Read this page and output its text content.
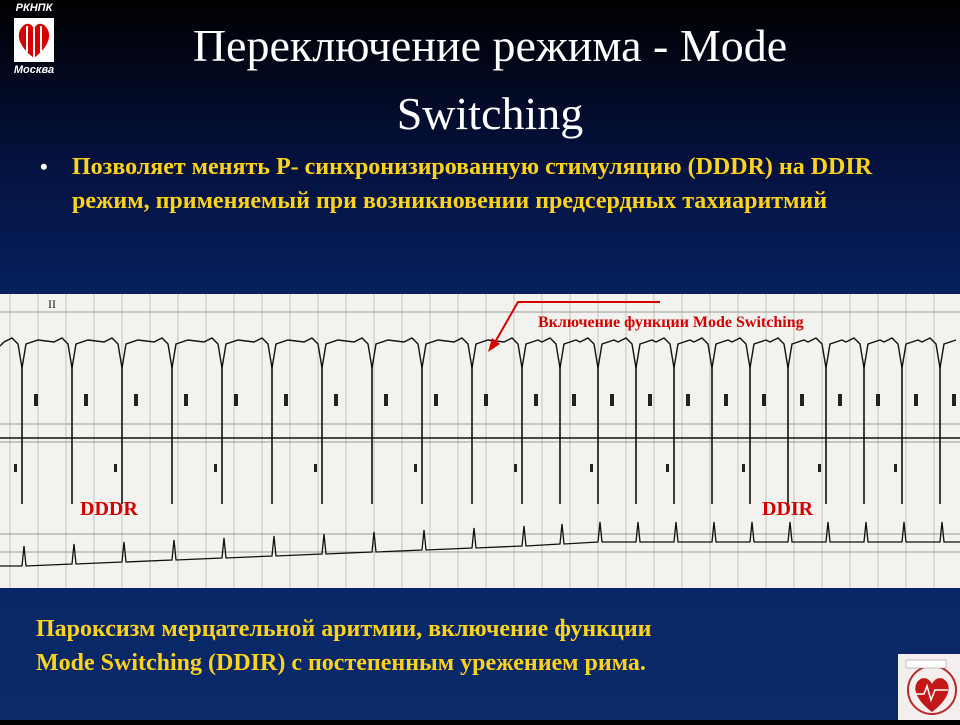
РКНПК
Москва	Переключение режима - Mode
Switching
• Позволяет менять Р- синхронизированную стимуляцию (DDDR) на DDIR режим, применяемый при возникновении предсердных тахиаритмий
II
Включение функции Mode Switching
DDDR	DDIR
Пароксизм мерцательной аритмии, включение функции
Mode Switching (DDIR) с постепенным урежением рима.
